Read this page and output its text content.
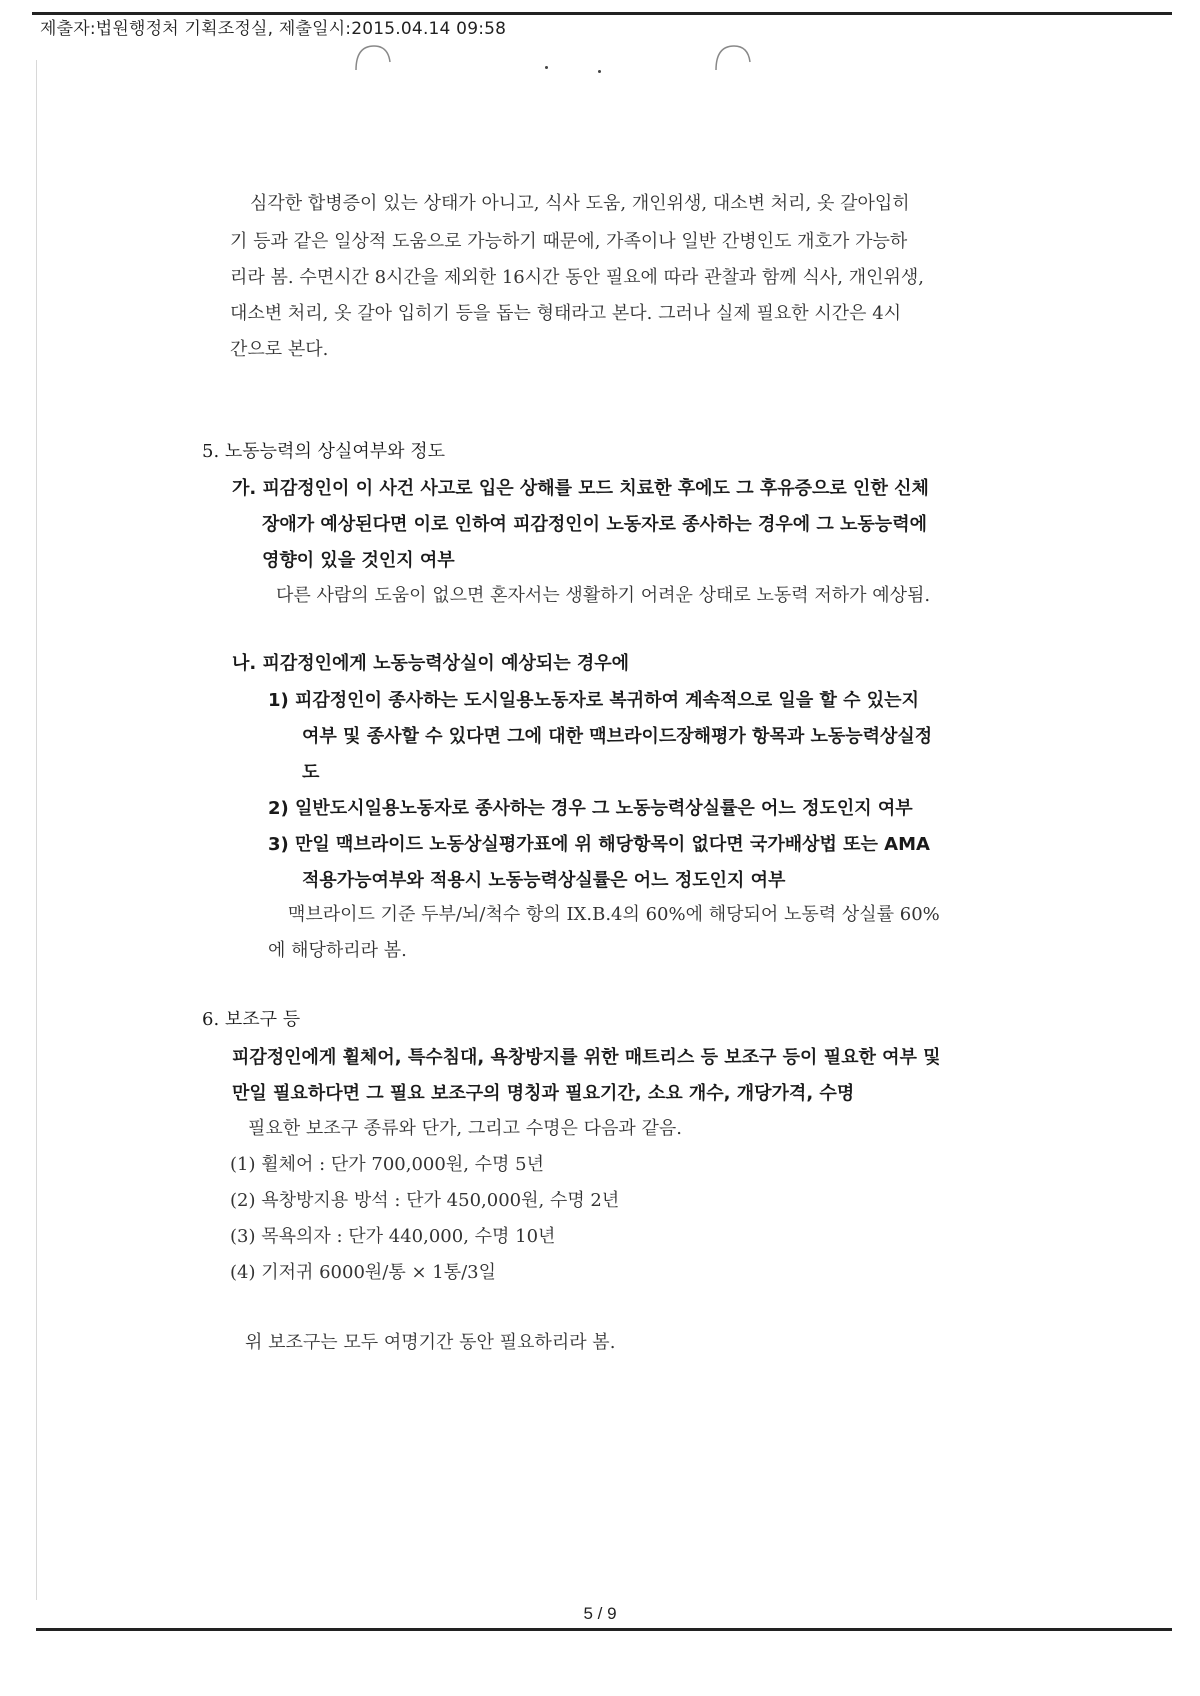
제출자:법원행정처 기획조정실, 제출일시:2015.04.14 09:58
심각한 합병증이 있는 상태가 아니고, 식사 도움, 개인위생, 대소변 처리, 옷 갈아입히
기 등과 같은 일상적 도움으로 가능하기 때문에, 가족이나 일반 간병인도 개호가 가능하
리라 봄. 수면시간 8시간을 제외한 16시간 동안 필요에 따라 관찰과 함께 식사, 개인위생,
대소변 처리, 옷 갈아 입히기 등을 돕는 형태라고 본다. 그러나 실제 필요한 시간은 4시
간으로 본다.
5. 노동능력의 상실여부와 정도
가. 피감정인이 이 사건 사고로 입은 상해를 모드 치료한 후에도 그 후유증으로 인한 신체
장애가 예상된다면 이로 인하여 피감정인이 노동자로 종사하는 경우에 그 노동능력에
영향이 있을 것인지 여부
다른 사람의 도움이 없으면 혼자서는 생활하기 어려운 상태로 노동력 저하가 예상됨.
나. 피감정인에게 노동능력상실이 예상되는 경우에
1) 피감정인이 종사하는 도시일용노동자로 복귀하여 계속적으로 일을 할 수 있는지
여부 및 종사할 수 있다면 그에 대한 맥브라이드장해평가 항목과 노동능력상실정
도
2) 일반도시일용노동자로 종사하는 경우 그 노동능력상실률은 어느 정도인지 여부
3) 만일 맥브라이드 노동상실평가표에 위 해당항목이 없다면 국가배상법 또는 AMA
적용가능여부와 적용시 노동능력상실률은 어느 정도인지 여부
맥브라이드 기준 두부/뇌/척수 항의 IX.B.4의 60%에 해당되어 노동력 상실률 60%
에 해당하리라 봄.
6. 보조구 등
피감정인에게 휠체어, 특수침대, 욕창방지를 위한 매트리스 등 보조구 등이 필요한 여부 및
만일 필요하다면 그 필요 보조구의 명칭과 필요기간, 소요 개수, 개당가격, 수명
필요한 보조구 종류와 단가, 그리고 수명은 다음과 같음.
(1) 휠체어 : 단가 700,000원, 수명 5년
(2) 욕창방지용 방석 : 단가 450,000원, 수명 2년
(3) 목욕의자 : 단가 440,000, 수명 10년
(4) 기저귀 6000원/통 × 1통/3일
위 보조구는 모두 여명기간 동안 필요하리라 봄.
5 / 9
